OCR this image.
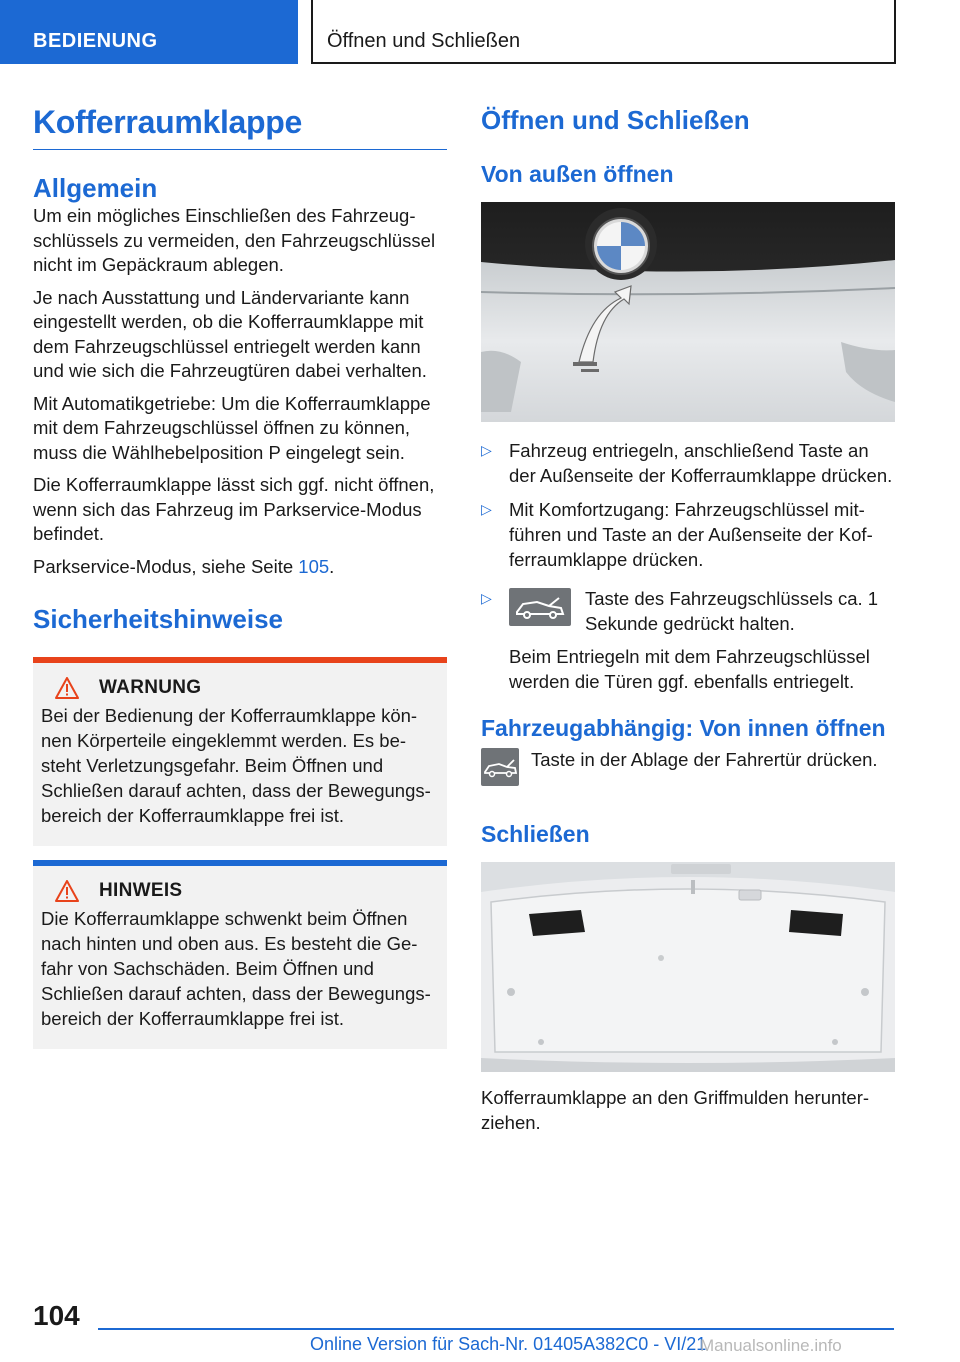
BEDIENUNG	Öffnen und Schließen
Kofferraumklappe
Allgemein

Um ein mögliches Einschließen des Fahrzeugschlüssels zu vermeiden, den Fahrzeugschlüssel nicht im Gepäckraum ablegen.

Je nach Ausstattung und Ländervariante kann eingestellt werden, ob die Kofferraumklappe mit dem Fahrzeugschlüssel entriegelt werden kann und wie sich die Fahrzeugtüren dabei verhalten.

Mit Automatikgetriebe: Um die Kofferraumklappe mit dem Fahrzeugschlüssel öffnen zu können, muss die Wählhebelposition P eingelegt sein.

Die Kofferraumklappe lässt sich ggf. nicht öffnen, wenn sich das Fahrzeug im Parkservice-Modus befindet.

Parkservice-Modus, siehe Seite 105.

Sicherheitshinweise
WARNUNG

Bei der Bedienung der Kofferraumklappe können Körperteile eingeklemmt werden. Es besteht Verletzungsgefahr. Beim Öffnen und Schließen darauf achten, dass der Bewegungsbereich der Kofferraumklappe frei ist.

HINWEIS

Die Kofferraumklappe schwenkt beim Öffnen nach hinten und oben aus. Es besteht die Gefahr von Sachschäden. Beim Öffnen und Schließen darauf achten, dass der Bewegungsbereich der Kofferraumklappe frei ist.

Öffnen und Schließen
Von außen öffnen
▷ Fahrzeug entriegeln, anschließend Taste an der Außenseite der Kofferraumklappe drücken.
▷ Mit Komfortzugang: Fahrzeugschlüssel mitführen und Taste an der Außenseite der Kofferraumklappe drücken.
▷	Taste des Fahrzeugschlüssels ca. 1 Sekunde gedrückt halten.

Beim Entriegeln mit dem Fahrzeugschlüssel werden die Türen ggf. ebenfalls entriegelt.

Fahrzeugabhängig: Von innen öffnen

Taste in der Ablage der Fahrertür drücken.

Schließen

Kofferraumklappe an den Griffmulden herunterziehen.

104
Online Version für Sach-Nr. 01405A382C0 - VI/21
Manualsonline.info
